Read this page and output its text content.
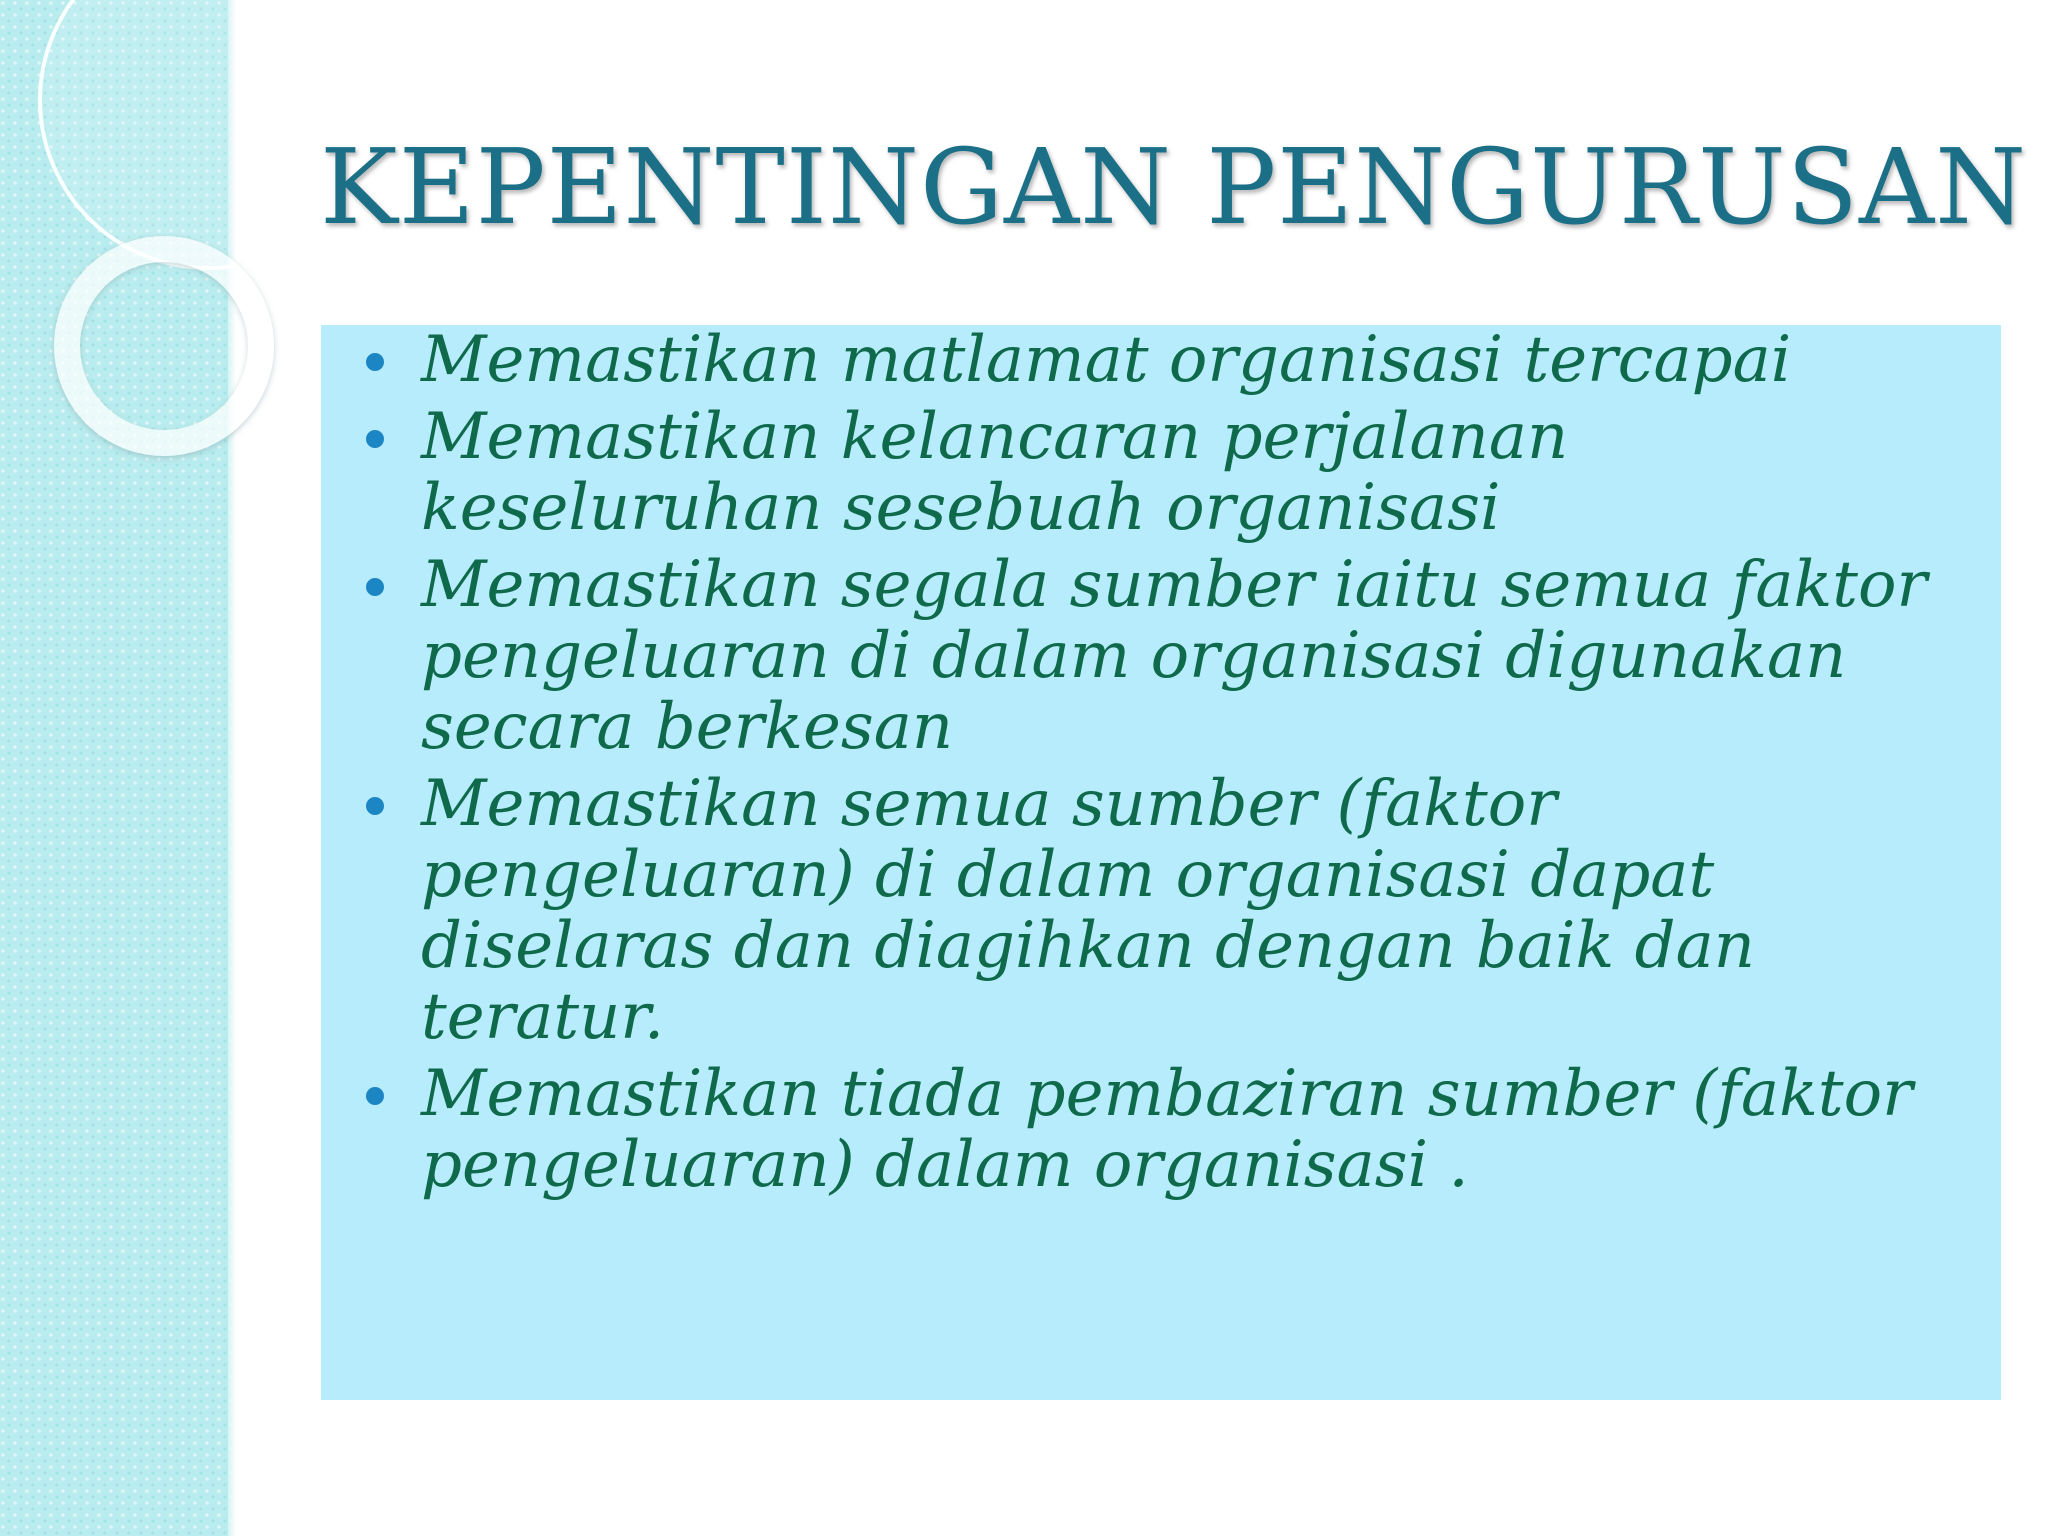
KEPENTINGAN PENGURUSAN
Memastikan matlamat organisasi tercapai
Memastikan kelancaran perjalanan keseluruhan sesebuah organisasi
Memastikan segala sumber iaitu semua faktor pengeluaran di dalam organisasi digunakan secara berkesan
Memastikan semua sumber (faktor pengeluaran) di dalam organisasi dapat diselaras dan diagihkan dengan baik dan teratur.
Memastikan tiada pembaziran sumber (faktor pengeluaran) dalam organisasi .
